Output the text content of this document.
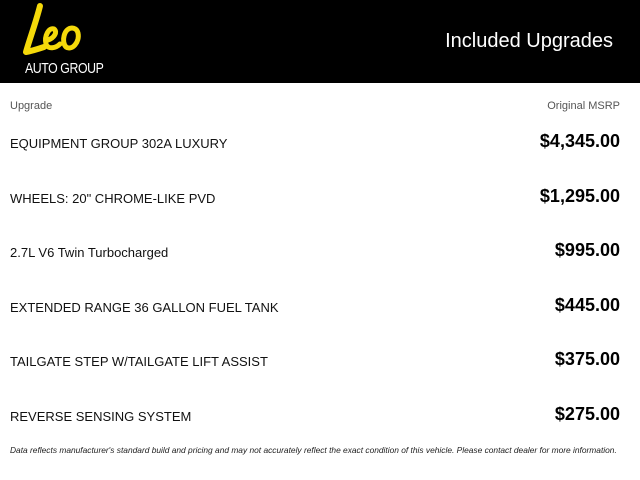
AUTO GROUP
Included Upgrades
Upgrade	Original MSRP
EQUIPMENT GROUP 302A LUXURY	$4,345.00
WHEELS: 20" CHROME-LIKE PVD	$1,295.00
2.7L V6 Twin Turbocharged	$995.00
EXTENDED RANGE 36 GALLON FUEL TANK	$445.00
TAILGATE STEP W/TAILGATE LIFT ASSIST	$375.00
REVERSE SENSING SYSTEM	$275.00
Data reflects manufacturer's standard build and pricing and may not accurately reflect the exact condition of this vehicle. Please contact dealer for more information.
